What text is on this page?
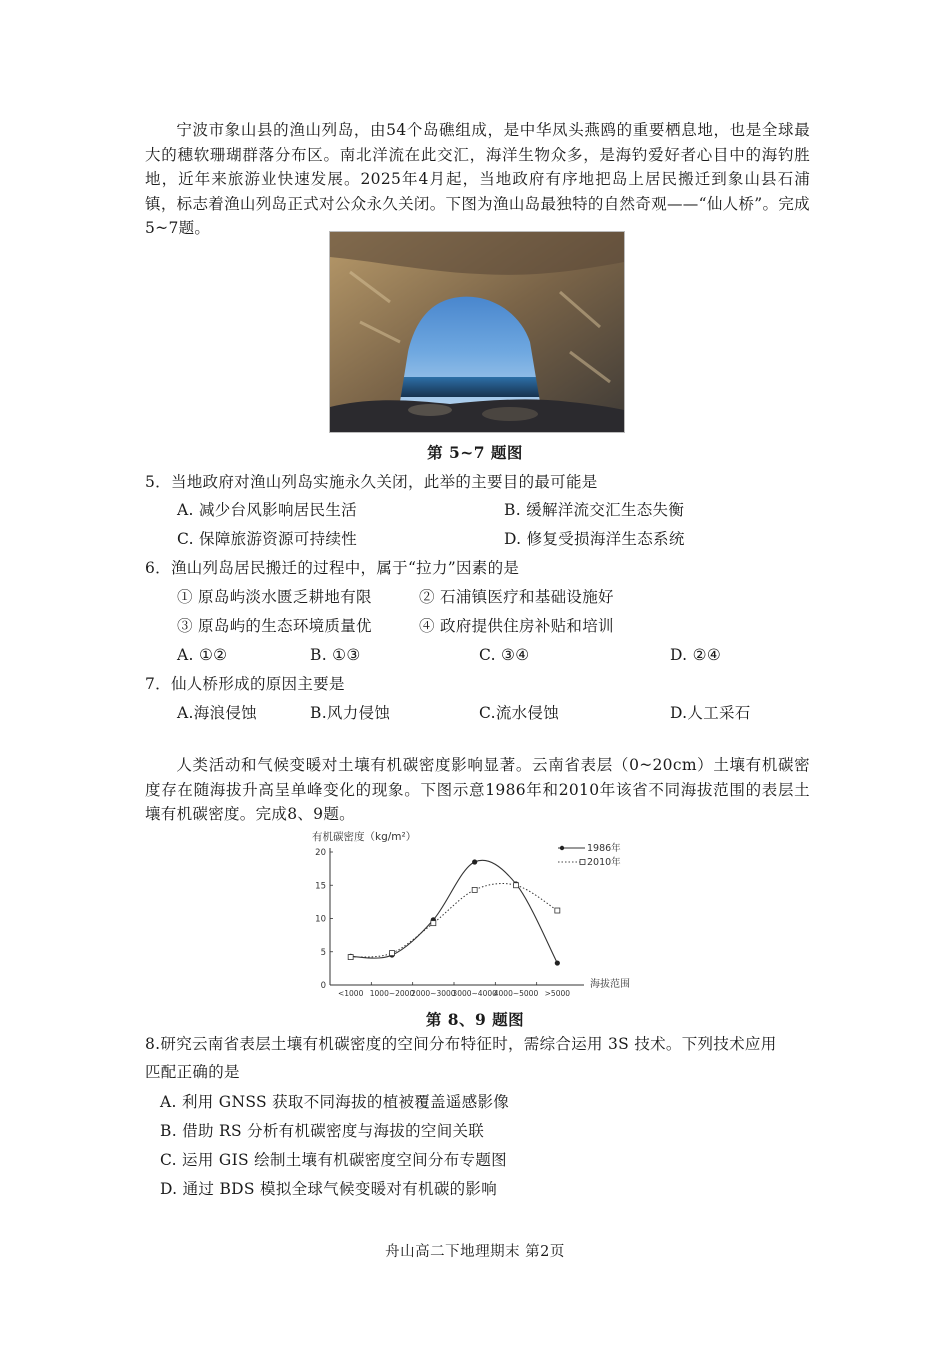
宁波市象山县的渔山列岛，由54个岛礁组成，是中华凤头燕鸥的重要栖息地，也是全球最大的穗软珊瑚群落分布区。南北洋流在此交汇，海洋生物众多，是海钓爱好者心目中的海钓胜地，近年来旅游业快速发展。2025年4月起，当地政府有序地把岛上居民搬迁到象山县石浦镇，标志着渔山列岛正式对公众永久关闭。下图为渔山岛最独特的自然奇观——“仙人桥”。完成5~7题。

第 5~7 题图
5．当地政府对渔山列岛实施永久关闭，此举的主要目的最可能是
A. 减少台风影响居民生活	B. 缓解洋流交汇生态失衡
C. 保障旅游资源可持续性	D. 修复受损海洋生态系统
6．渔山列岛居民搬迁的过程中，属于“拉力”因素的是
① 原岛屿淡水匮乏耕地有限	② 石浦镇医疗和基础设施好
③ 原岛屿的生态环境质量优	④ 政府提供住房补贴和培训
A. ①②	B. ①③	C. ③④	D. ②④
7．仙人桥形成的原因主要是
A.海浪侵蚀	B.风力侵蚀	C.流水侵蚀	D.人工采石

人类活动和气候变暖对土壤有机碳密度影响显著。云南省表层（0~20cm）土壤有机碳密度存在随海拔升高呈单峰变化的现象。下图示意1986年和2010年该省不同海拔范围的表层土壤有机碳密度。完成8、9题。

有机碳密度（kg/m²）
海拔范围
1986年
2010年
0
5
10
15
20
<1000 1000~2000
2000~3000
3000~4000
4000~5000 >5000
第 8、9 题图
8.研究云南省表层土壤有机碳密度的空间分布特征时，需综合运用 3S 技术。下列技术应用
匹配正确的是
A. 利用 GNSS 获取不同海拔的植被覆盖遥感影像
B. 借助 RS 分析有机碳密度与海拔的空间关联
C. 运用 GIS 绘制土壤有机碳密度空间分布专题图
D. 通过 BDS 模拟全球气候变暖对有机碳的影响
舟山高二下地理期末 第2页
